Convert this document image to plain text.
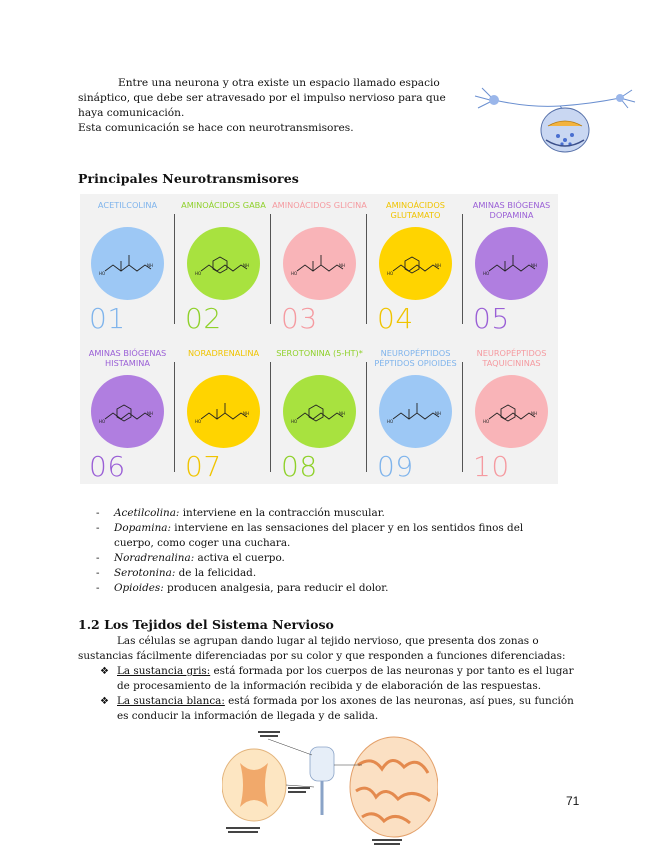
Entre una neurona y otra existe un espacio llamado espacio sináptico, que debe ser atravesado por el impulso nervioso para que haya comunicación.

Esta comunicación se hace con neurotransmisores.

Principales Neurotransmisores
ACETILCOLINA
HO
NH
01
AMINOÁCIDOS GABA
HO
NH
02
AMINOÁCIDOS GLICINA
HO
NH
03
AMINOÁCIDOS GLUTAMATO
HO
NH
04
AMINAS BIÓGENAS DOPAMINA
HO
NH
05
AMINAS BIÓGENAS HISTAMINA
HO
NH
06
NORADRENALINA
HO
NH
07
SEROTONINA (5-HT)*
HO
NH
08
NEUROPÉPTIDOS PÉPTIDOS OPIOIDES
HO
NH
09
NEUROPÉPTIDOS TAQUICININAS
HO
NH
10
- Acetilcolina: interviene en la contracción muscular.
- Dopamina: interviene en las sensaciones del placer y en los sentidos finos del cuerpo, como coger una cuchara.
- Noradrenalina: activa el cuerpo.
- Serotonina: de la felicidad.
- Opioides: producen analgesia, para reducir el dolor.
1.2 Los Tejidos del Sistema Nervioso
Las células se agrupan dando lugar al tejido nervioso, que presenta dos zonas o sustancias fácilmente diferenciadas por su color y que responden a funciones diferenciadas:
❖ La sustancia gris: está formada por los cuerpos de las neuronas y por tanto es el lugar de procesamiento de la información recibida y de elaboración de las respuestas.
❖ La sustancia blanca: está formada por los axones de las neuronas, así pues, su función es conducir la información de llegada y de salida.
71
